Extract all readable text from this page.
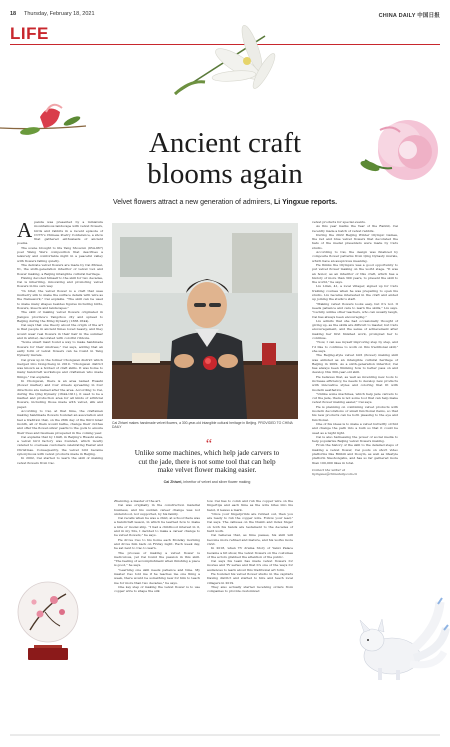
18 Thursday, February 18, 2021	CHINA DAILY 中国日报
LIFE
Ancient craft
blooms again
Velvet flowers attract a new generation of admirers, Li Yingxue reports.
A panda was presented by a miniature mountainous landscape with velvet flowers, birds and rabbits in a recent episode of CCTV's Chinese Poetry Conference, a show that gathered enthusiasts of ancient poems.

The scene brought to life Yang Shoucun (954-967) poet Wang Wei's composition that describes a leisurely and comfortable night in a peaceful valley with flowers falling quietly.

The delicate velvet flowers are made by Cai Zhiwei, 61, the sixth-generation inheritor of velvet tool and flower making, a Beijing intangible cultural heritage.

Having devoted himself to the skill for two decades, Cai is inheriting, innovating and promoting velvet flowers in his own way.

"In brief, the velvet flower is a craft that uses mulberry silk to make the surface details with wire as the framework," Cai explains. "The skill can be used to make many shapes besides figures including birds, flowers, insects and landscapes."

The skill of making velvet flowers originated in Jiangsu province's Yangzhou city and spread to Beijing during the Ming Dynasty (1368-1644).

Cai says that one theory about the origin of the art is that people in ancient times loved beauty, and they would wear real flowers in their hair in the summer and in winter, decorated with colorful ribbons.

"Some smart maid found a way to make handmade flowers for their mistress," Cai says, adding that an early form of velvet flowers can be found in Tang Dynasty murals.

Cai grew up in the former Chongwen district which merged into Dongcheng in 2010. "Chongwen district was known as a hotbed of craft skills. It was home to many handcraft workshops and craftsmen who made things," Cai explains.

In Chongwen, there is an area named Huashi (flower market) and four streets spreading in four directions are named after the area. According to Cai, during the Qing Dynasty (1644-1911), it used to be a market and production area for all kinds of artificial flowers, including those made with velvet, silk and paper.

According to Cai, at that time, the craftsmen making handmade flowers founded an association and had a tradition that, on the 26th day of the third lunar month, all of them would bathe, change their clothes and offer the flower-silver pearls to the gods to ensure their lives and business prospered in the coming year.

Cai explains that by 1948, in Beijing's Huashi area, a velvet bird factory was founded, which mostly catered to overseas customers celebrating Easter and Christmas. Consequently, the velvet bird became synonymous with velvet products made in Beijing.

In 2002, Cai started to learn the skill of making velvet flowers from Cao

Cai Zhiwei makes handmade velvet flowers, a 300-year-old intangible cultural heritage in Beijing. PROVIDED TO CHINA DAILY
“
Unlike some machines, which help jade carvers to cut the jade, there is not some tool that can help make velvet flower making easier.
Cai Zhiwei, inheritor of velvet and silver flower making

Zhenxing, a master of the art.

Cai was originally in the construction material business, and his sudden career change was not understood, nor supported, by his family.

Cai recalls when he was a child, at school there was a handicraft lesson, in which he learned how to make a kite or model ship. "I had a childhood interest in it, and in my 50s, I decided to make a career change to be velvet flowers," he says.

He drove Cao to his home each Monday morning and drove him back on Friday night. Each week day, he sat next to Cao to learn.

The process of making a velvet flower is meticulous, yet Cai found the passion in this skill. "The feeling of accomplishment when finishing a piece is good," he says.

"Learning one skill needs patience and time. My master Cao told me if he teaches me one thing a week, there would be something new for him to teach me for more than two decades," he says.

One key step of making the velvet flower is to use copper wire to shape the silk

tow. Cai has to comb and rub the copper wire on the fingertips and each time as the wire bites into his hand, it leaves a mark.

"Once your fingerprints are rubbed out, then you are ready to rub the copper wire. Follow your lead," Cai says. The calluses on the thumb and index finger on both his hands are testament to the decades of hard work.

Cai believes that, as time passes, his skill will become more refined and mature, and his works more vivid.

In 2018, when TV drama Story of Yanxi Palace became a hit show, the velvet flowers on the costumes of the actors grabbed the attention of the public.

Cai says his team has made velvet flowers for movies and TV series and that it's one of the ways for audiences to learn about this traditional art form.

He founded his velvet flower studio in the capital's Daxing district and started to hire and teach local villagers in 2019.

They also actually started receiving orders from companies to provide customized

velvet products for special events.

As this year marks the Year of the Rabbit, Cai recently made a batch of velvet rabbits.

During the 2022 Beijing Winter Olympic Games, the red and blue velvet flowers that decorated the hats of the medal presenters were made by Cai's studio.

According to Cai, the design was finalized by composite flower patterns from Qing Dynasty murals, which have an auspicious meaning.

He thinks the Olympics was a good opportunity to put velvet flower making on the world stage. "It was an honor, as an inheritor of this craft, which has a history of more than 300 years, to present the skill to the world," he says.

Liu Liran, 41, a local villager, signed up for Cai's training courses when he was preparing to open his studio. Liu became interested in the craft and ended up joining the studio's staff.

"Making velvet flowers looks easy, but it's not. It needs patience and care to learn the skills," Liu says. "Luckily, unlike other teachers, who can usually laugh, Cai has always been encouraging."

Liu admits that she had occasionally thought of giving up, as the skills are difficult to master, but Cai's encouragement, and the sense of achievement after making her first finished work, prompted her to continue.

"Now, I can see myself improving step by step, and I'd like to continue to work on this traditional skill," she says.

The Beijing-style velvet bird (flower) making skill was enlisted as an intangible cultural heritage of Beijing in 2009. As a sixth-generation inheritor, Cai has always been thinking how to better pass on and develop this 300-year-old skill.

He believes that, as well as inventing new tools to increase efficiency, he needs to develop new products with innovative styles and coloring that fit with modern aesthetics.

"Unlike some machines, which help jade carvers to cut the jade, there is not some tool that can help make velvet flower making easier," Cai says.

He is planning on combining velvet products with modern decorations or small functional items, so that his new products can be both pleasing to the eye and functional.

One of his ideas is to make a velvet butterfly orchid and change the path into a bulb so that it could be used as a night light.

Cai is also harnessing the power of social media to help popularize Beijing velvet flowers making.

From the history of the skill to the detailed steps of making a velvet flower, Cai posts on short video platforms like Bilibili and Douyin, as well as lifestyle platform Xiaohongshu, and has so far garnered more than 100,000 likes in total.

Contact the writer at
liyingxue@chinadaily.com.cn
